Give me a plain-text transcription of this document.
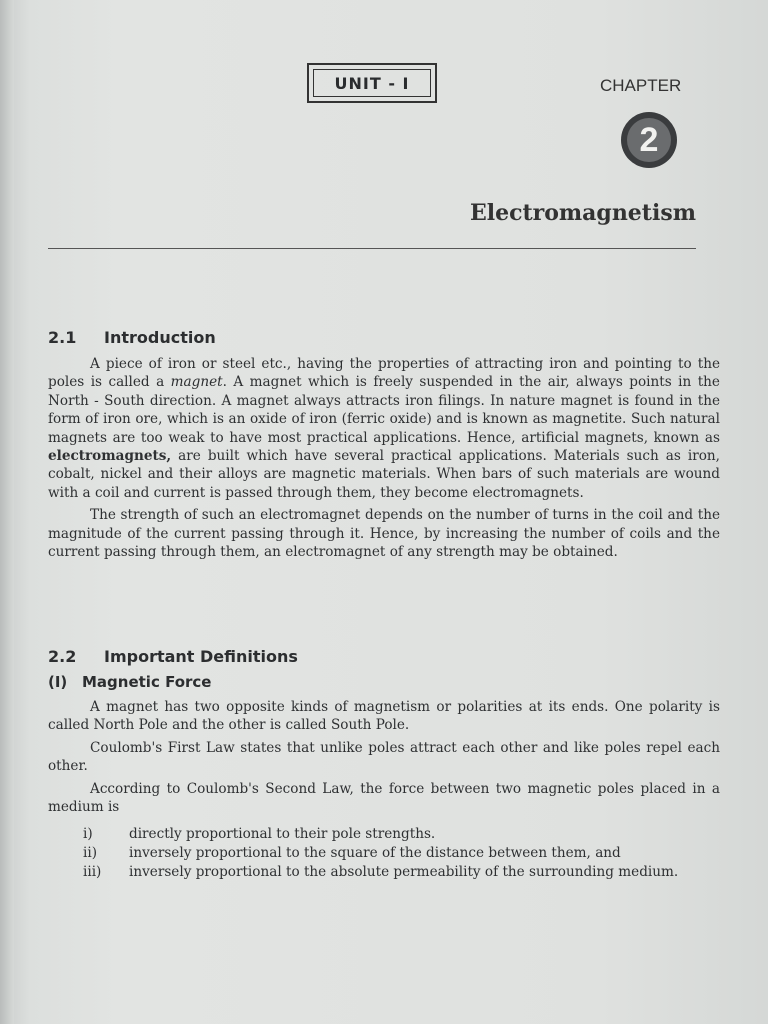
UNIT - I	CHAPTER
2
Electromagnetism
2.1 Introduction

A piece of iron or steel etc., having the properties of attracting iron and pointing to the poles is called a magnet. A magnet which is freely suspended in the air, always points in the North - South direction. A magnet always attracts iron filings. In nature magnet is found in the form of iron ore, which is an oxide of iron (ferric oxide) and is known as magnetite. Such natural magnets are too weak to have most practical applications. Hence, artificial magnets, known as electromagnets, are built which have several practical applications. Materials such as iron, cobalt, nickel and their alloys are magnetic materials. When bars of such materials are wound with a coil and current is passed through them, they become electromagnets.

The strength of such an electromagnet depends on the number of turns in the coil and the magnitude of the current passing through it. Hence, by increasing the number of coils and the current passing through them, an electromagnet of any strength may be obtained.

2.2 Important Definitions
(I) Magnetic Force

A magnet has two opposite kinds of magnetism or polarities at its ends. One polarity is called North Pole and the other is called South Pole.

Coulomb's First Law states that unlike poles attract each other and like poles repel each other.

According to Coulomb's Second Law, the force between two magnetic poles placed in a medium is

i)	directly proportional to their pole strengths.
ii)	inversely proportional to the square of the distance between them, and
iii)	inversely proportional to the absolute permeability of the surrounding medium.
